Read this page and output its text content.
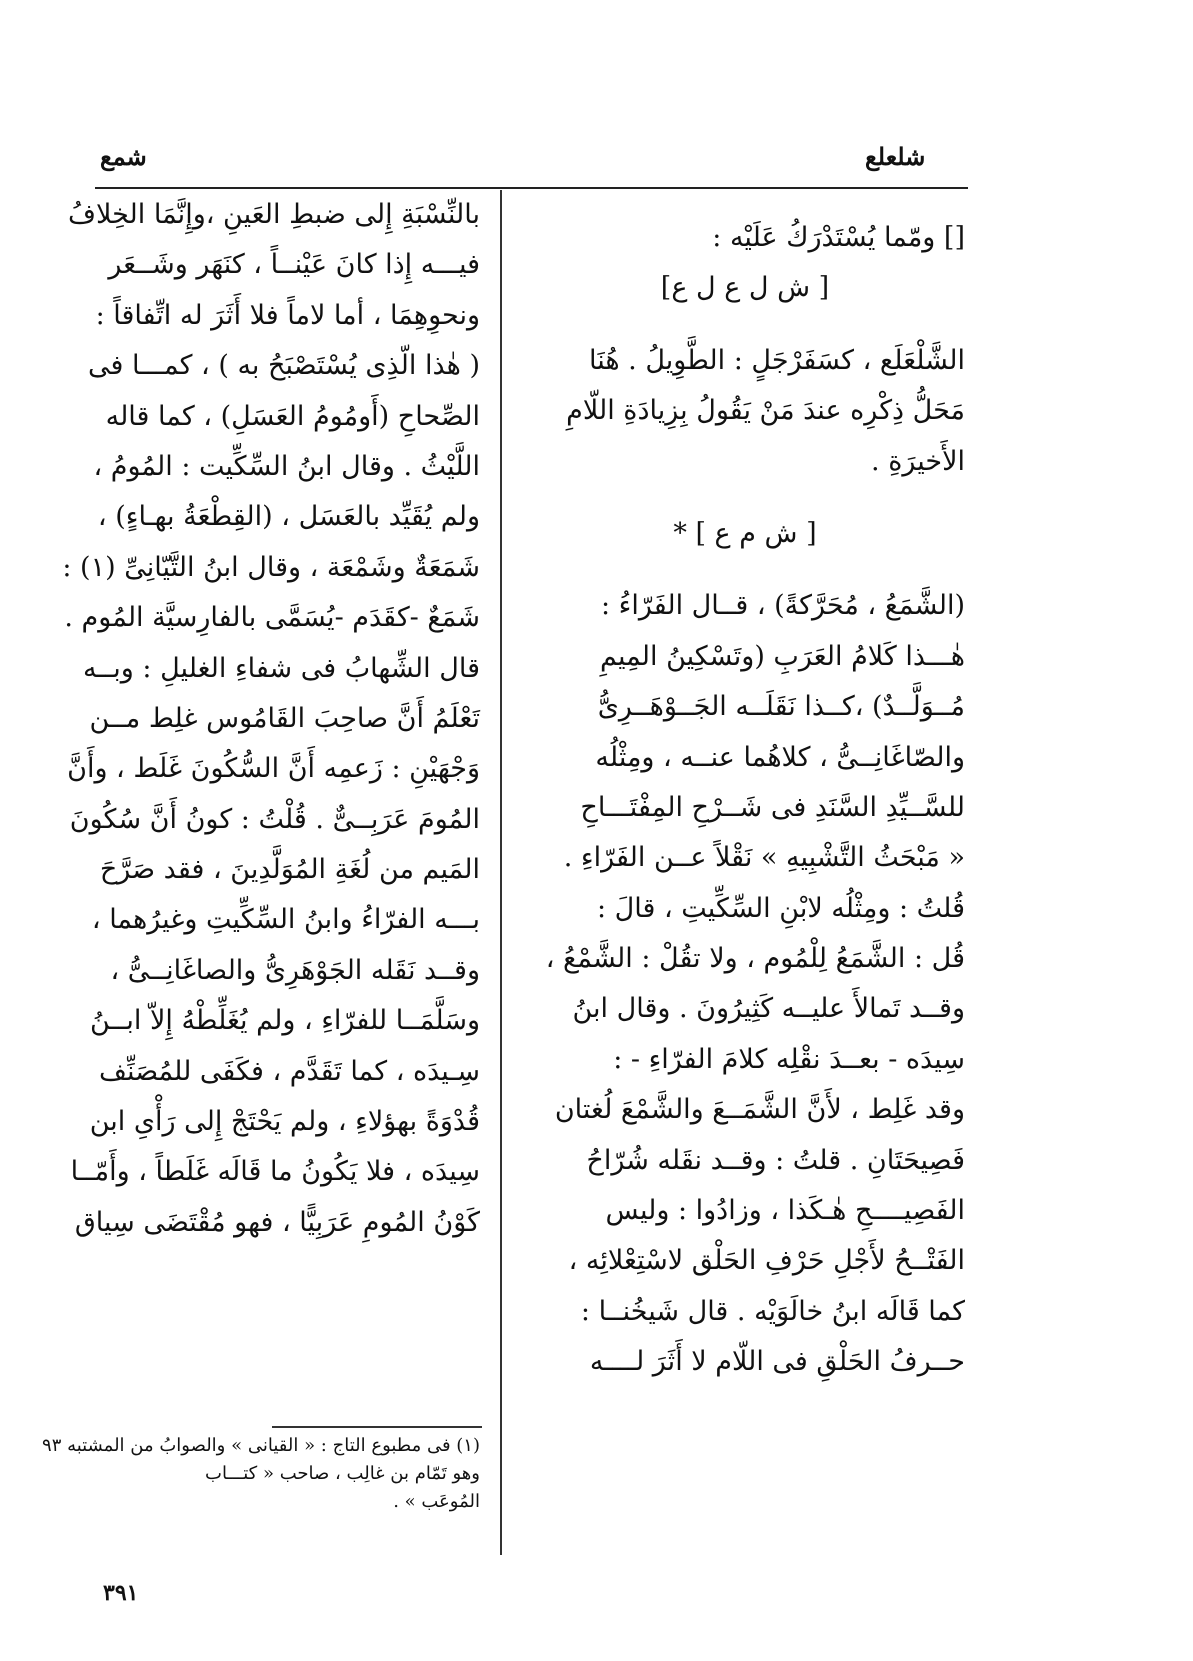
شلعلع
شمع
[] ومّما يُسْتَدْرَكُ عَلَيْه :
[ ش ل ع ل ع]
الشَّلْعَلَع ، كسَفَرْجَلٍ : الطَّوِيلُ . هُنَا
مَحَلُّ ذِكْرِه عندَ مَنْ يَقُولُ بِزِيادَةِ اللّامِ
الأَخيرَةِ .
[ ش م ع ] *
(الشَّمَعُ ، مُحَرَّكةً) ، قــال الفَرّاءُ :
هٰـــذا كَلامُ العَرَبِ (وتَسْكِينُ المِيمِ
مُــوَلَّــدٌ) ،كــذا نَقَلَــه الجَــوْهَــرِىُّ
والصّاغَانِــىُّ ، كلاهُما عنــه ، ومِثْلُه
للسَّــيِّدِ السَّنَدِ فى شَــرْحِ المِفْتَـــاحِ
« مَبْحَثُ التَّشْبِيهِ » نَقْلاً عــن الفَرّاءِ .
قُلتُ : ومِثْلُه لابْنِ السِّكِّيتِ ، قالَ :
قُل : الشَّمَعُ لِلْمُوم ، ولا تقُلْ : الشَّمْعُ ،
وقــد تَمالأَ عليــه كَثِيرُونَ . وقال ابنُ
سِيدَه - بعــدَ نقْلِه كلامَ الفرّاءِ - :
وقد غَلِط ، لأَنَّ الشَّمَــعَ والشَّمْعَ لُغتان
فَصِيحَتَانِ . قلتُ : وقــد نقَله شُرّاحُ
الفَصِيــــحِ هٰـكَذا ، وزادُوا : وليس
الفَتْــحُ لأَجْلِ حَرْفِ الحَلْق لاسْتِعْلائِه ،
كما قَالَه ابنُ خالَوَيْه . قال شَيخُنــا :
حــرفُ الحَلْقِ فى اللّام لا أَثَرَ لــــه
بالنِّسْبَةِ إِلى ضبطِ العَينِ ،وإِنَّمَا الخِلافُ
فيـــه إِذا كانَ عَيْنــاً ، كنَهَر وشَــعَر
ونحوِهِمَا ، أما لاماً فلا أَثَرَ له اتِّفاقاً :
( هٰذا الّذِى يُسْتَصْبَحُ به ) ، كمـــا فى
الصِّحاحِ (أَومُومُ العَسَلِ) ، كما قاله
اللَّيْثُ . وقال ابنُ السِّكِّيت : المُومُ ،
ولم يُقَيِّد بالعَسَل ، (القِطْعَةُ بهـاءٍ) ،
شَمَعَةٌ وشَمْعَة ، وقال ابنُ التَّيّانِىِّ (١) :
شَمَعٌ -كقَدَم -يُسَمَّى بالفارِسيَّة المُوم .
قال الشِّهابُ فى شفاءِ الغليلِ : وبــه
تَعْلَمُ أَنَّ صاحِبَ القَامُوس غلِط مــن
وَجْهَيْنِ : زَعمِه أَنَّ السُّكُونَ غَلَط ، وأَنَّ
المُومَ عَرَبِــىٌّ . قُلْتُ : كونُ أَنَّ سُكُونَ
المَيم من لُغَةِ المُوَلَّدِينَ ، فقد صَرَّحَ
بـــه الفرّاءُ وابنُ السِّكِّيتِ وغيرُهما ،
وقــد نَقَله الجَوْهَرِىُّ والصاغَانِــىُّ ،
وسَلَّمَــا للفرّاءِ ، ولم يُغَلِّطْهُ إِلاّ ابــنُ
سِـيدَه ، كما تَقَدَّم ، فكَفَى للمُصَنِّف
قُدْوَةً بهؤلاءِ ، ولم يَحْتَجْ إِلى رَأْىِ ابن
سِيدَه ، فلا يَكُونُ ما قَالَه غَلَطاً ، وأَمّــا
كَوْنُ المُومِ عَرَبِيًّا ، فهو مُقْتَضَى سِياق
(١) فى مطبوع التاج : « القيانى » والصوابُ من المشتبه ٩٣
وهو تَمّام بن غالِب ، صاحب « كتـــاب
المُوعَب » .
٣٩١
